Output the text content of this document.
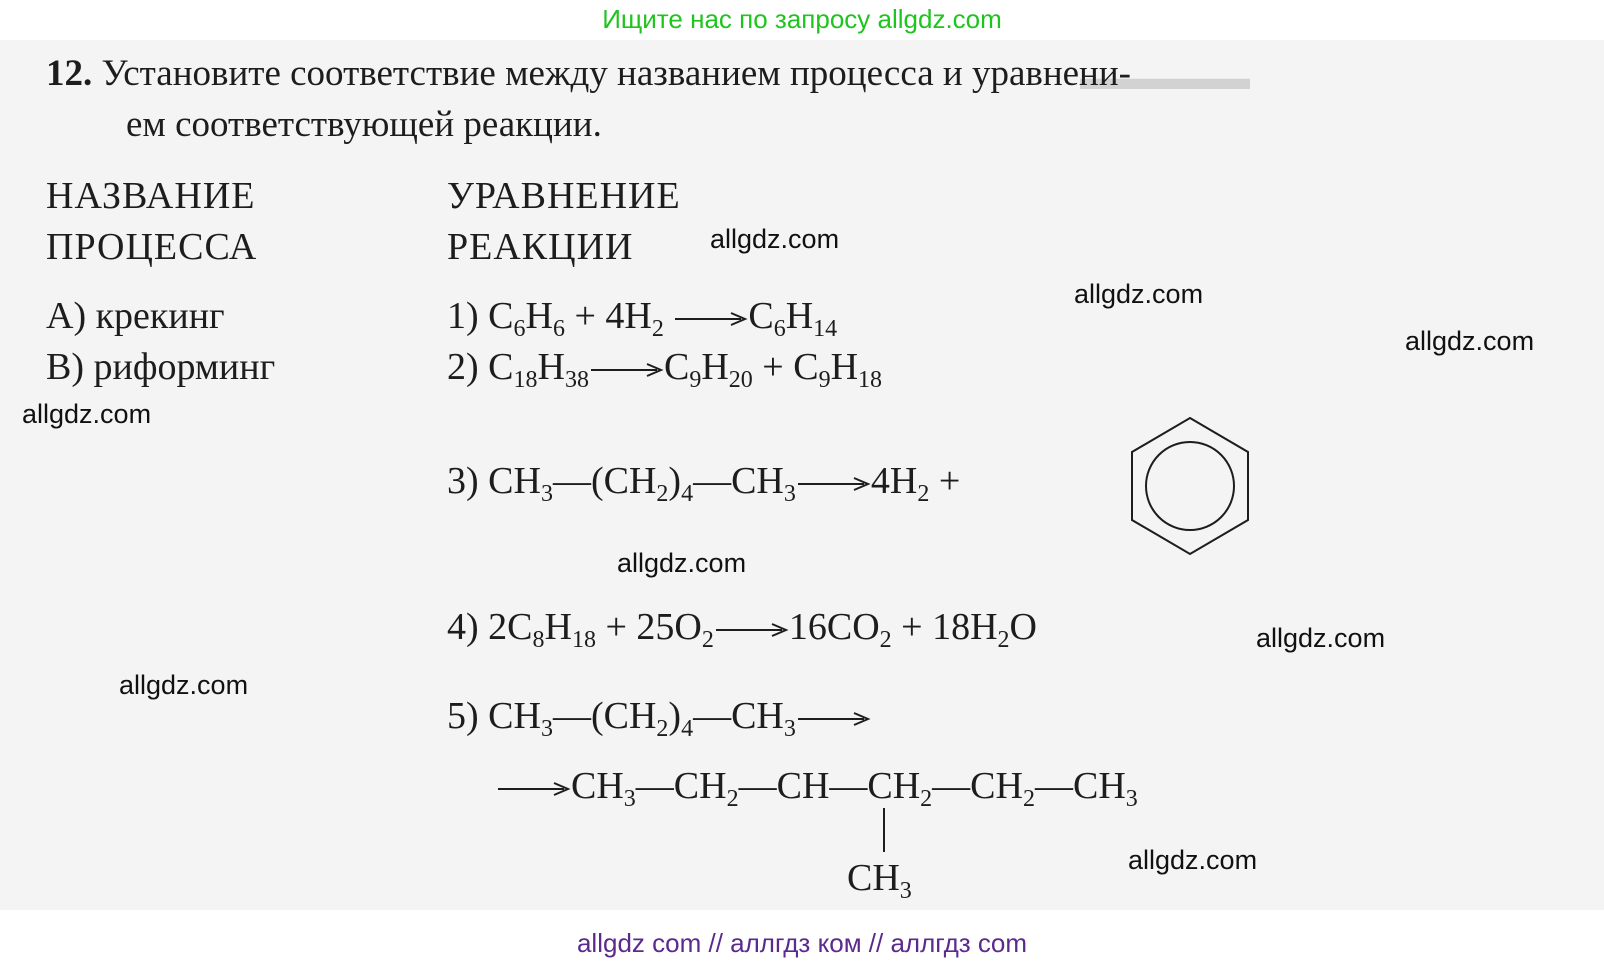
Ищите нас по запросу allgdz.com
▬▬▬▬▬
12. Установите соответствие между названием процесса и уравнени-
ем соответствующей реакции.
НАЗВАНИЕ
ПРОЦЕССА
УРАВНЕНИЕ
РЕАКЦИИ
А) крекинг
В) риформинг
1) $C_6H_6 + 4H_2 \to C_6H_{14}$
2) $C_{18}H_{38}\to C_9H_{20} + C_9H_{18}$
3) $CH_3—(CH_2)_4—CH_3\to 4H_2$ +
4) $2C_8H_{18} + 25O_2\to 16CO_2 + 18H_2O$
5) $CH_3—(CH_2)_4—CH_3\to$
$\to CH_3—CH_2—CH—CH_2—CH_2—CH_3$
$CH_3$
allgdz.com
allgdz.com
allgdz.com
allgdz.com
allgdz.com
allgdz.com
allgdz.com
allgdz.com
allgdz com // аллгдз ком // аллгдз com
